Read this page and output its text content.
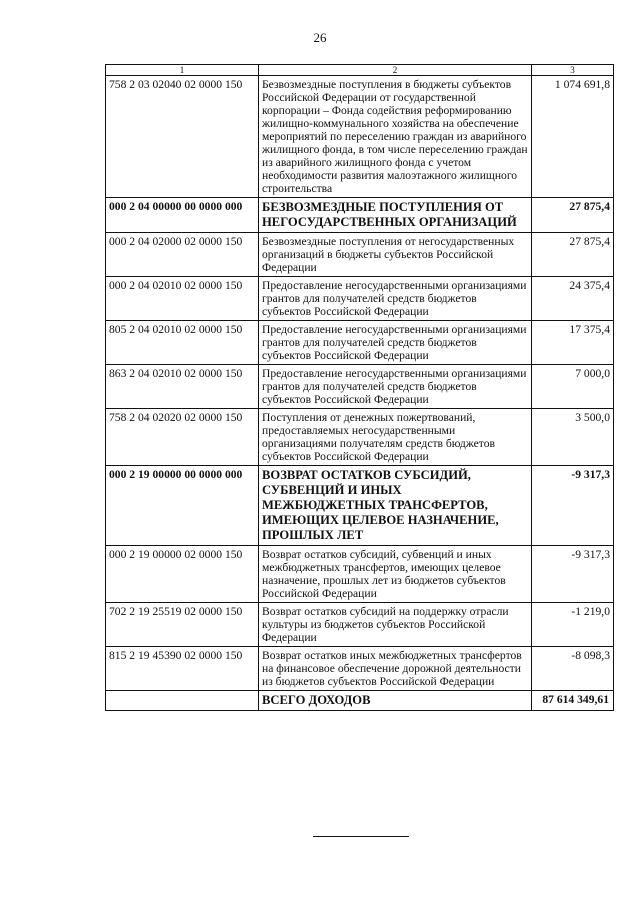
26
1	2	3
758 2 03 02040 02 0000 150	Безвозмездные поступления в бюджеты субъектов Российской Федерации от государственной корпорации – Фонда содействия реформированию жилищно-коммунального хозяйства на обеспечение мероприятий по переселению граждан из аварийного жилищного фонда, в том числе переселению граждан из аварийного жилищного фонда с учетом необходимости развития малоэтажного жилищного строительства	1 074 691,8
000 2 04 00000 00 0000 000	БЕЗВОЗМЕЗДНЫЕ ПОСТУПЛЕНИЯ ОТ НЕГОСУДАРСТВЕННЫХ ОРГАНИЗАЦИЙ	27 875,4
000 2 04 02000 02 0000 150	Безвозмездные поступления от негосударственных организаций в бюджеты субъектов Российской Федерации	27 875,4
000 2 04 02010 02 0000 150	Предоставление негосударственными организациями грантов для получателей средств бюджетов субъектов Российской Федерации	24 375,4
805 2 04 02010 02 0000 150	Предоставление негосударственными организациями грантов для получателей средств бюджетов субъектов Российской Федерации	17 375,4
863 2 04 02010 02 0000 150	Предоставление негосударственными организациями грантов для получателей средств бюджетов субъектов Российской Федерации	7 000,0
758 2 04 02020 02 0000 150	Поступления от денежных пожертвований, предоставляемых негосударственными организациями получателям средств бюджетов субъектов Российской Федерации	3 500,0
000 2 19 00000 00 0000 000	ВОЗВРАТ ОСТАТКОВ СУБСИДИЙ, СУБВЕНЦИЙ И ИНЫХ МЕЖБЮДЖЕТНЫХ ТРАНСФЕРТОВ, ИМЕЮЩИХ ЦЕЛЕВОЕ НАЗНАЧЕНИЕ, ПРОШЛЫХ ЛЕТ	-9 317,3
000 2 19 00000 02 0000 150	Возврат остатков субсидий, субвенций и иных межбюджетных трансфертов, имеющих целевое назначение, прошлых лет из бюджетов субъектов Российской Федерации	-9 317,3
702 2 19 25519 02 0000 150	Возврат остатков субсидий на поддержку отрасли культуры из бюджетов субъектов Российской Федерации	-1 219,0
815 2 19 45390 02 0000 150	Возврат остатков иных межбюджетных трансфертов на финансовое обеспечение дорожной деятельности из бюджетов субъектов Российской Федерации	-8 098,3
	ВСЕГО ДОХОДОВ	87 614 349,61
